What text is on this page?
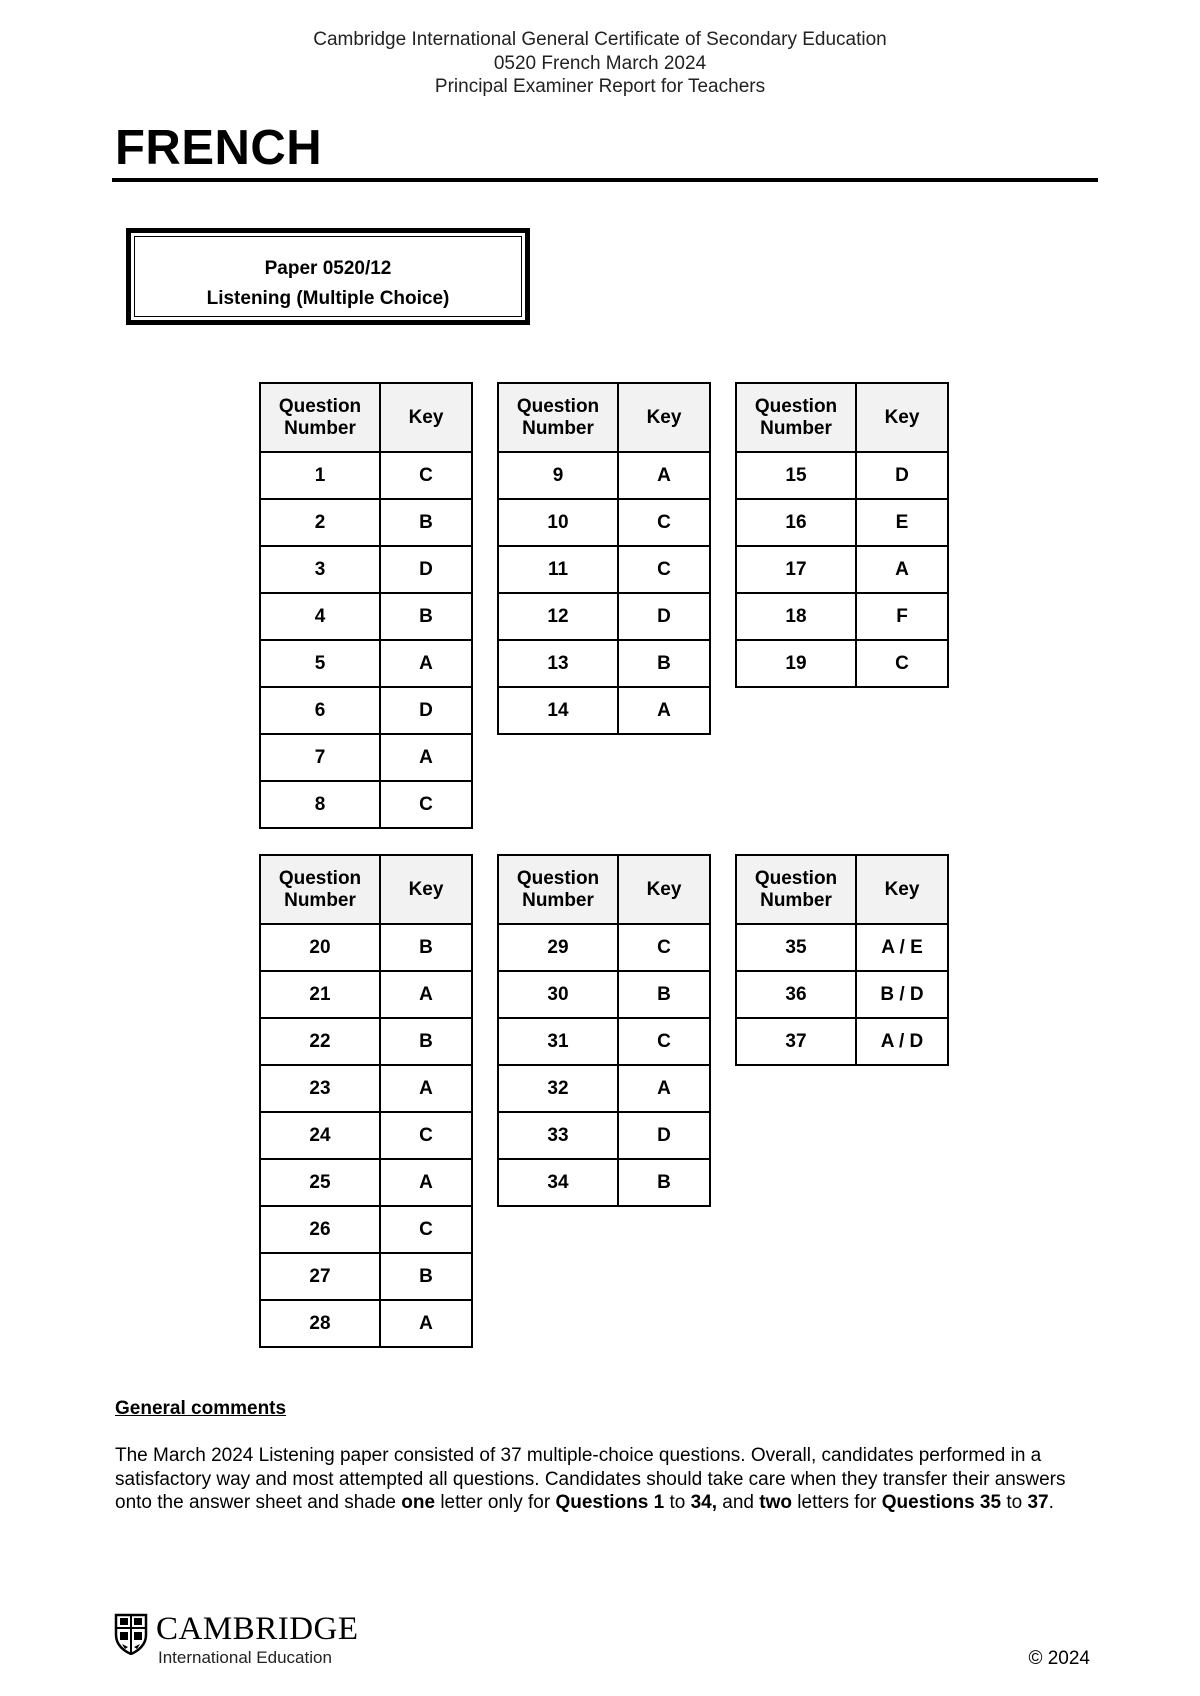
Cambridge International General Certificate of Secondary Education
0520 French March 2024
Principal Examiner Report for Teachers
FRENCH
Paper 0520/12
Listening (Multiple Choice)
Question
Number	Key
1	C
2	B
3	D
4	B
5	A
6	D
7	A
8	C
Question
Number	Key
9	A
10	C
11	C
12	D
13	B
14	A
Question
Number	Key
15	D
16	E
17	A
18	F
19	C
Question
Number	Key
20	B
21	A
22	B
23	A
24	C
25	A
26	C
27	B
28	A
Question
Number	Key
29	C
30	B
31	C
32	A
33	D
34	B
Question
Number	Key
35	A / E
36	B / D
37	A / D
General comments
The March 2024 Listening paper consisted of 37 multiple-choice questions. Overall, candidates performed in a satisfactory way and most attempted all questions. Candidates should take care when they transfer their answers onto the answer sheet and shade one letter only for Questions 1 to 34, and two letters for Questions 35 to 37.
CAMBRIDGE
International Education	© 2024
